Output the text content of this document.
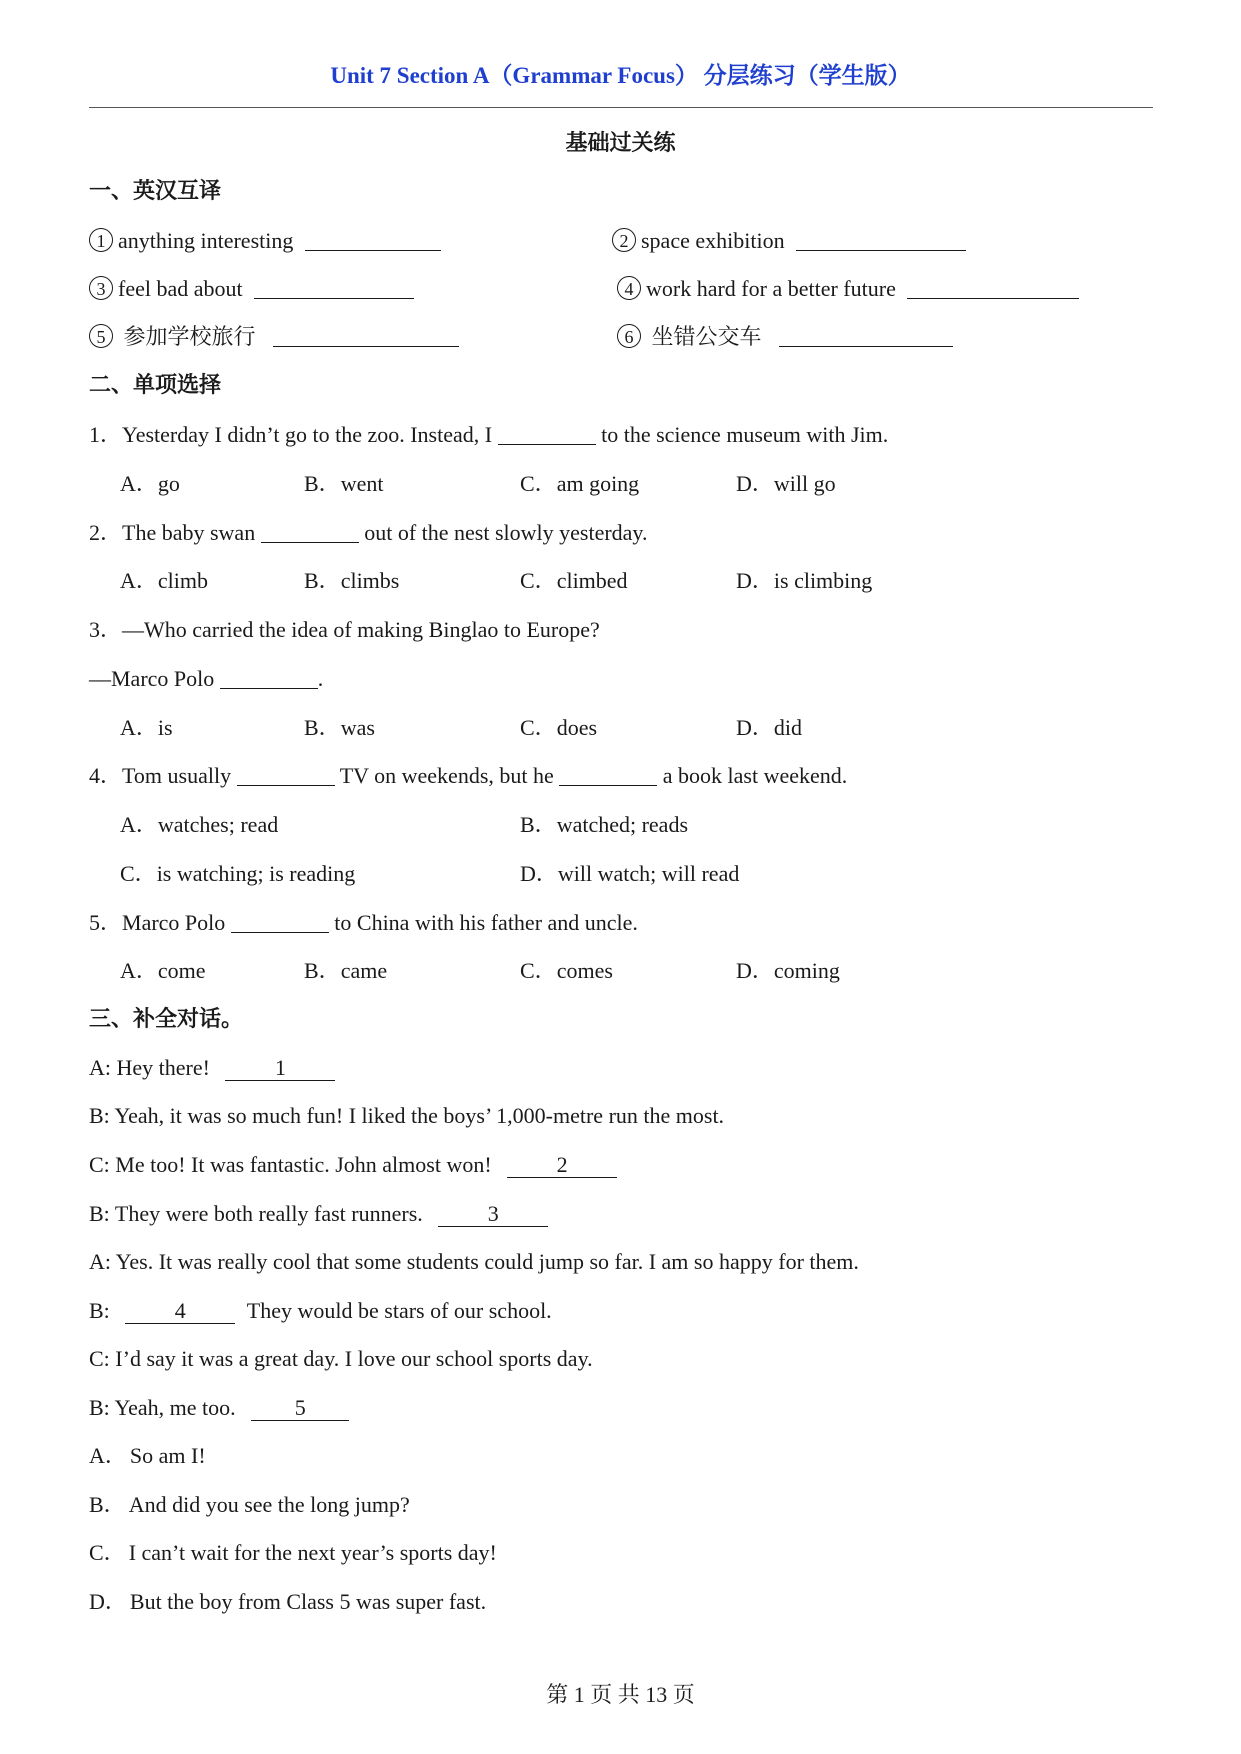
Unit 7 Section A（Grammar Focus） 分层练习（学生版）
基础过关练
一、英汉互译
1 anything interesting	2 space exhibition
3 feel bad about	4 work hard for a better future
5 参加学校旅行	6 坐错公交车
二、单项选择
1．Yesterday I didn’t go to the zoo. Instead, I	to the science museum with Jim.
A．go	B．went	C．am going	D．will go
2．The baby swan	out of the nest slowly yesterday.
A．climb	B．climbs	C．climbed	D．is climbing
3．—Who carried the idea of making Binglao to Europe?
—Marco Polo	.
A．is	B．was	C．does	D．did
4．Tom usually	TV on weekends, but he	a book last weekend.
A．watches; read	B．watched; reads
C．is watching; is reading	D．will watch; will read
5．Marco Polo	to China with his father and uncle.
A．come	B．came	C．comes	D．coming
三、补全对话。
A: Hey there!	1
B: Yeah, it was so much fun! I liked the boys’ 1,000-metre run the most.
C: Me too! It was fantastic. John almost won!	2
B: They were both really fast runners.	3
A: Yes. It was really cool that some students could jump so far. I am so happy for them.
B:	4	They would be stars of our school.
C: I’d say it was a great day. I love our school sports day.
B: Yeah, me too.	5
A． So am I!
B． And did you see the long jump?
C． I can’t wait for the next year’s sports day!
D． But the boy from Class 5 was super fast.
第 1 页 共 13 页
